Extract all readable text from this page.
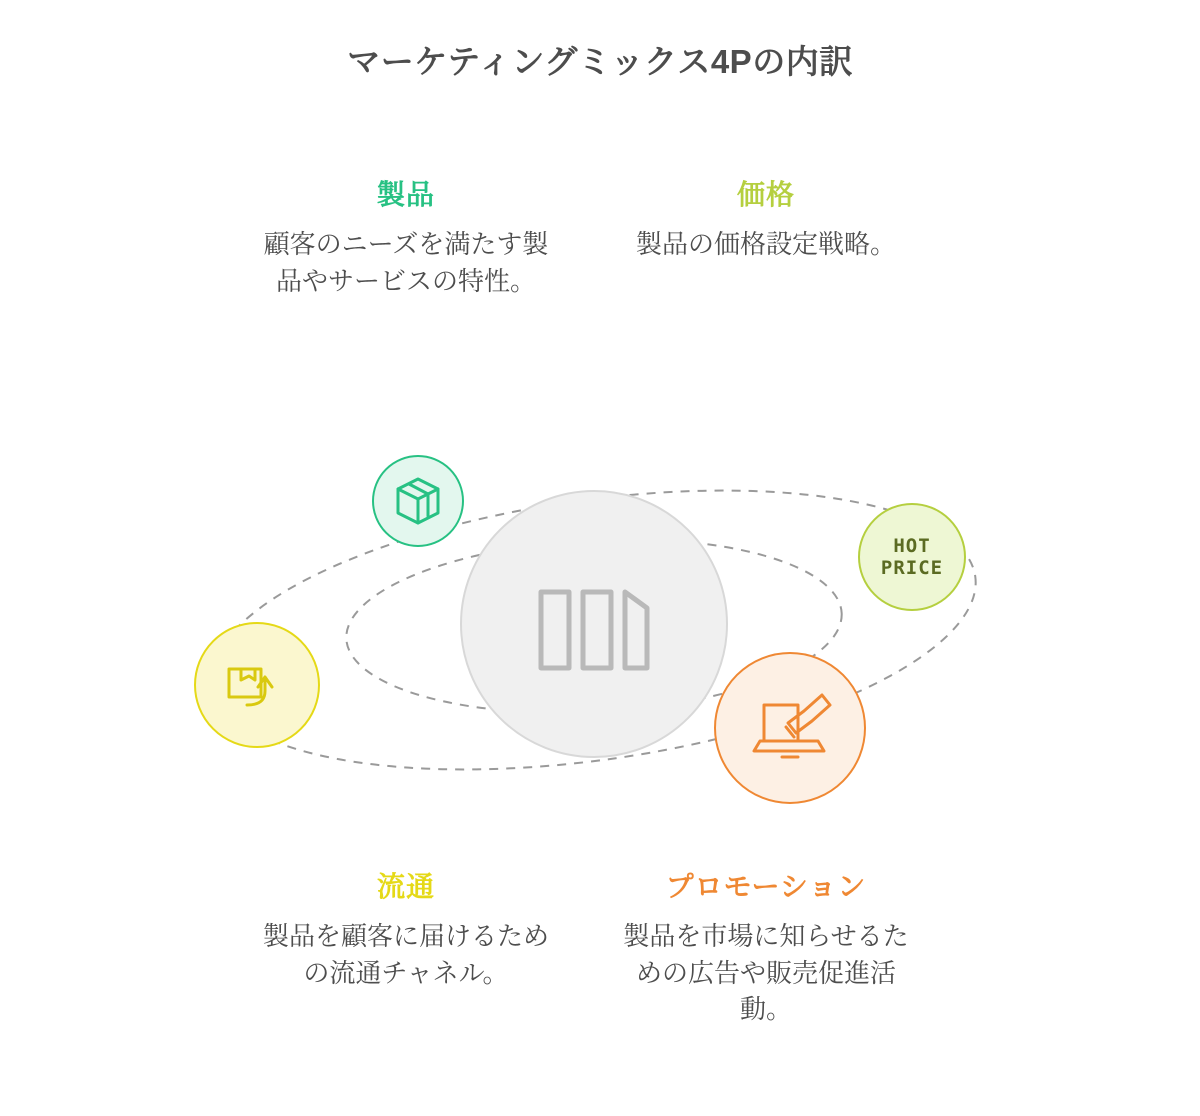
マーケティングミックス4Pの内訳
製品
顧客のニーズを満たす製品やサービスの特性。
価格
製品の価格設定戦略。
流通
製品を顧客に届けるための流通チャネル。
プロモーション
製品を市場に知らせるための広告や販売促進活動。
HOT
PRICE
